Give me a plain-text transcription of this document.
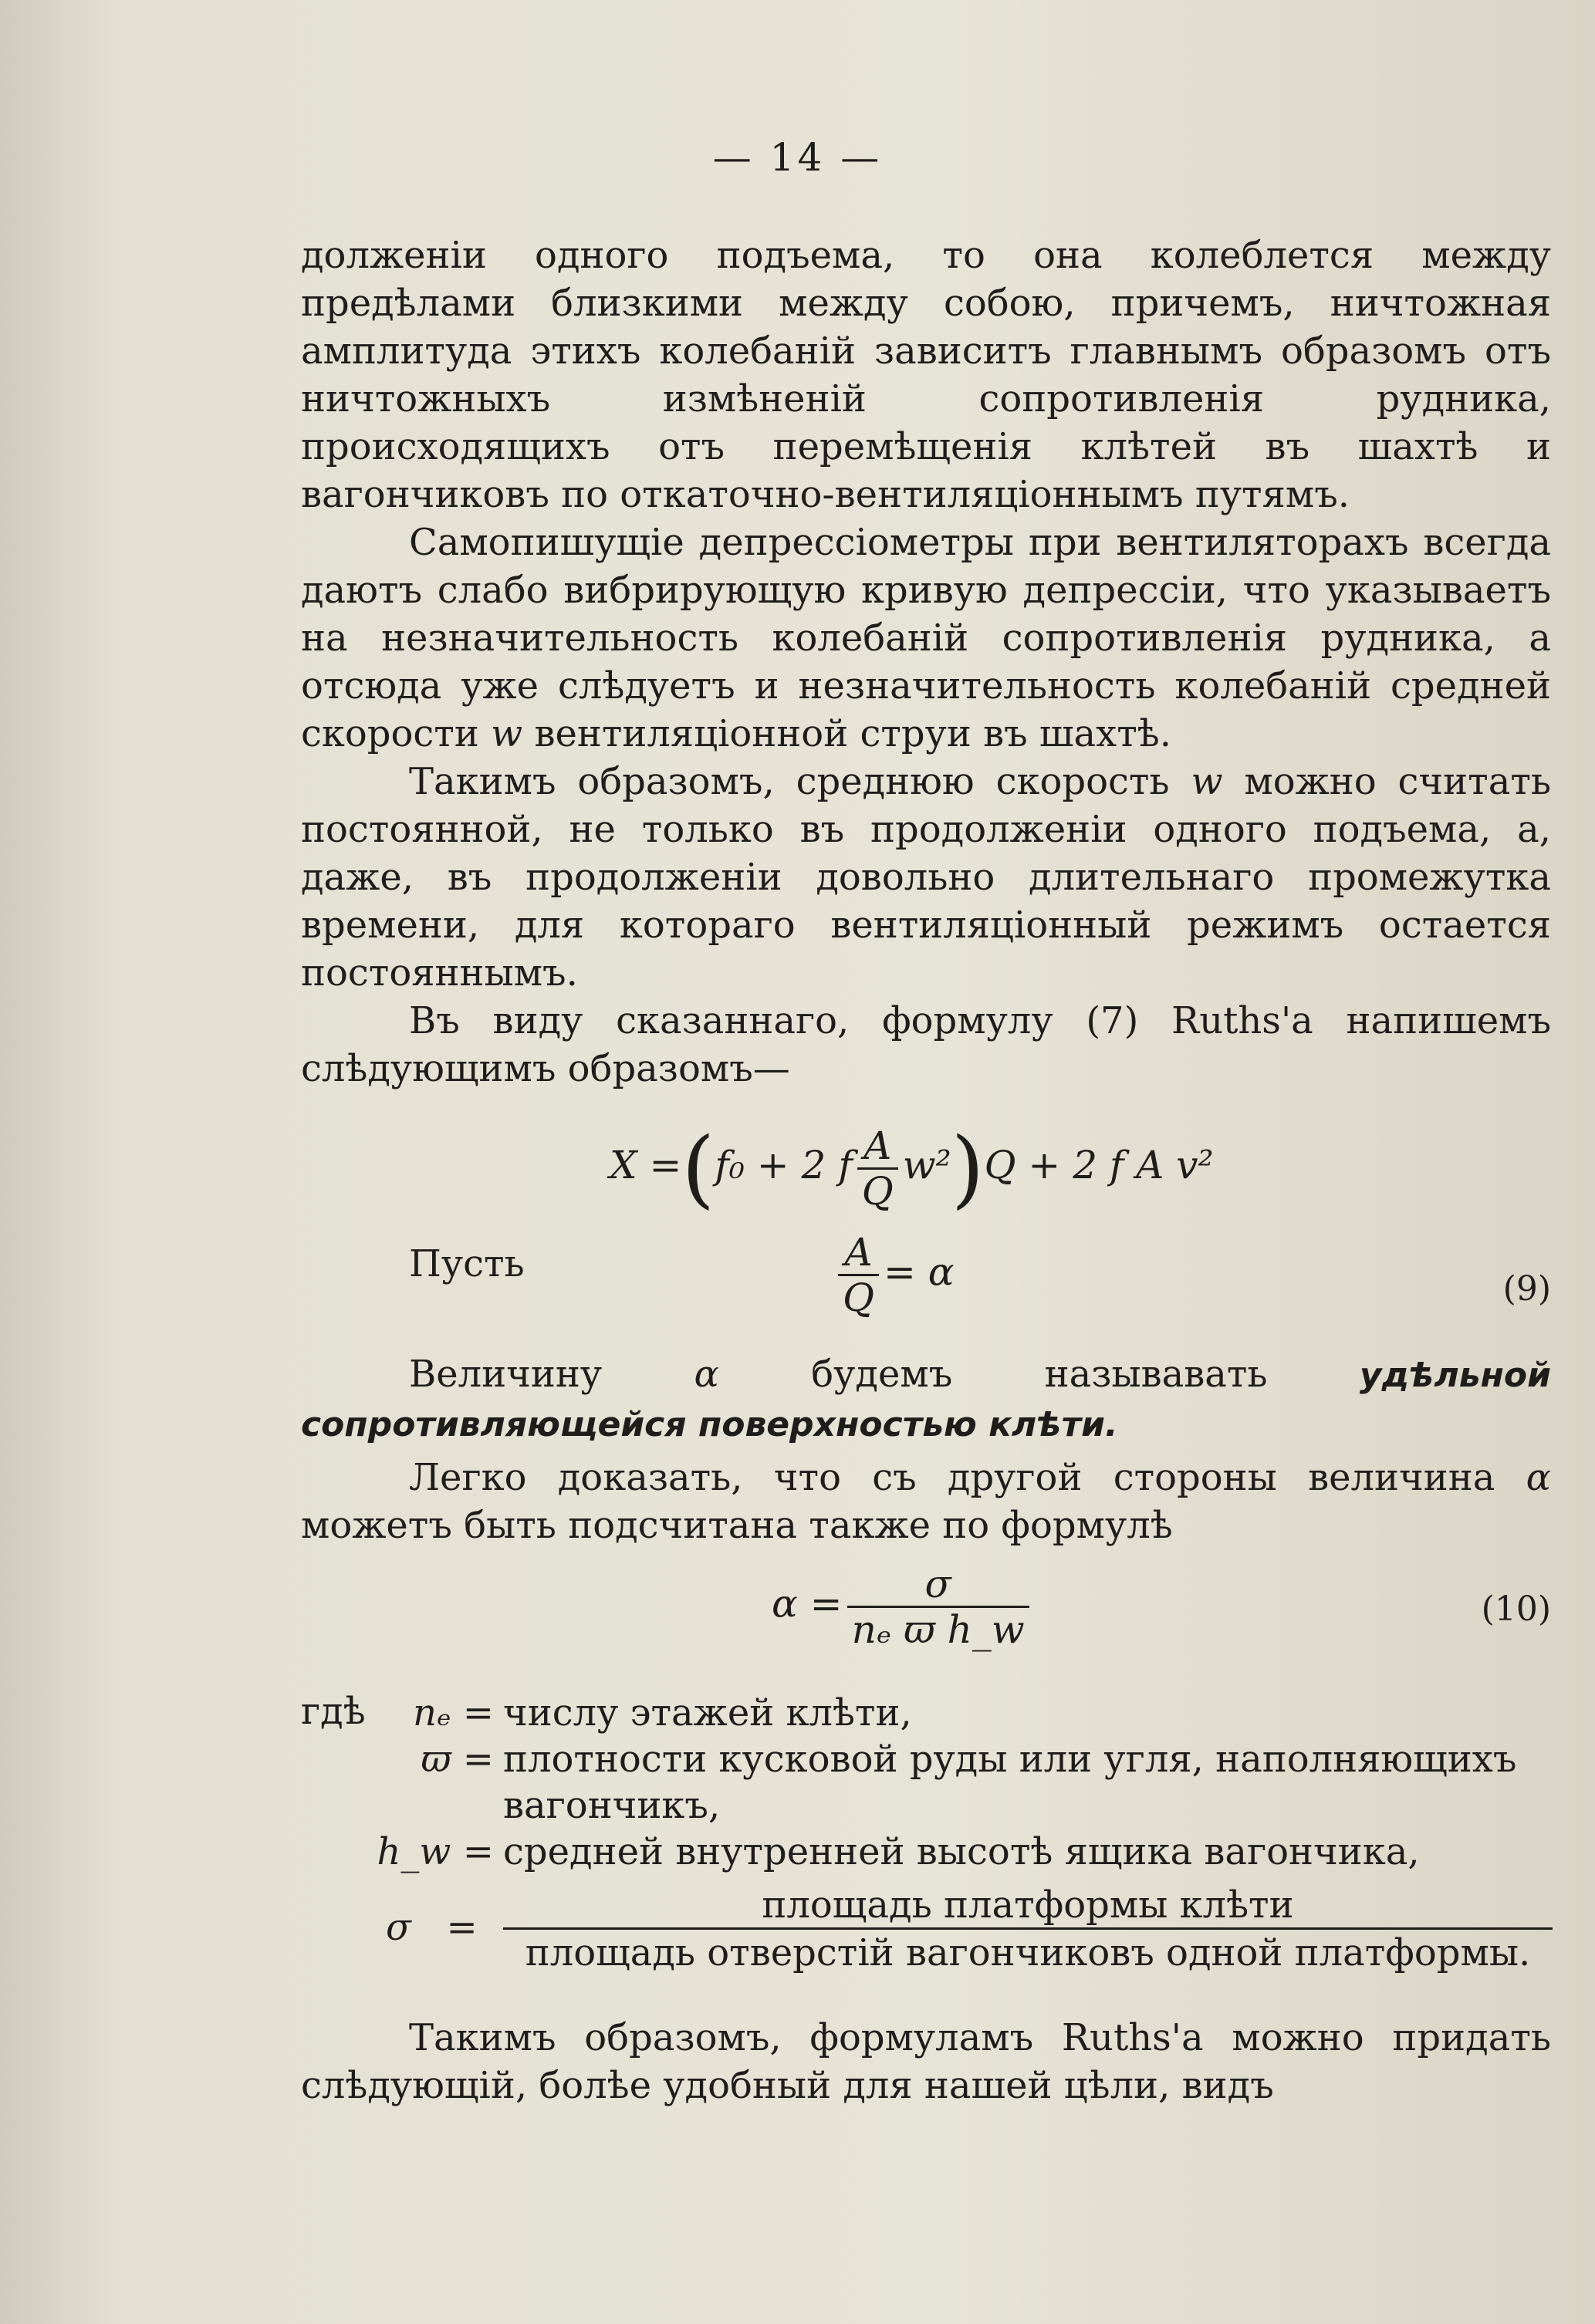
— 14 —

долженіи одного подъема, то она колеблется между предѣлами близкими между собою, причемъ, ничтожная амплитуда этихъ колебаній зависитъ главнымъ образомъ отъ ничтожныхъ измѣненій сопротивленія рудника, происходящихъ отъ перемѣщенія клѣтей въ шахтѣ и вагончиковъ по откаточно-вентиляціоннымъ путямъ.

Самопишущіе депрессіометры при вентиляторахъ всегда даютъ слабо вибрирующую кривую депрессіи, что указываетъ на незначительность колебаній сопротивленія рудника, а отсюда уже слѣдуетъ и незначительность колебаній средней скорости w вентиляціонной струи въ шахтѣ.

Такимъ образомъ, среднюю скорость w можно считать постоянной, не только въ продолженіи одного подъема, а, даже, въ продолженіи довольно длительнаго промежутка времени, для котораго вентиляціонный режимъ остается постояннымъ.

Въ виду сказаннаго, формулу (7) Ruths'а напишемъ слѣдующимъ образомъ—

X =(f₀ + 2 f $\frac{A}{Q} w^2)Q + 2$ f A v²
Пусть	$\frac{A}{Q} = \alpha$	(9)

Величину α будемъ называвать удѣльной сопротивляющейся поверхностью клѣти.

Легко доказать, что съ другой стороны величина α можетъ быть подсчитана также по формулѣ

$\alpha = \frac{\sigma}{\text{nₑ ϖ h\_w}}$	(10)
гдѣ	nₑ = числу этажей клѣти,
ϖ = плотности кусковой руды или угля, наполняющихъ
вагончикъ,
h_w = средней внутренней высотѣ ящика вагончика,
σ =
площадь платформы клѣти
площадь отверстій вагончиковъ одной платформы.

Такимъ образомъ, формуламъ Ruths'а можно придать слѣдующій, болѣе удобный для нашей цѣли, видъ
